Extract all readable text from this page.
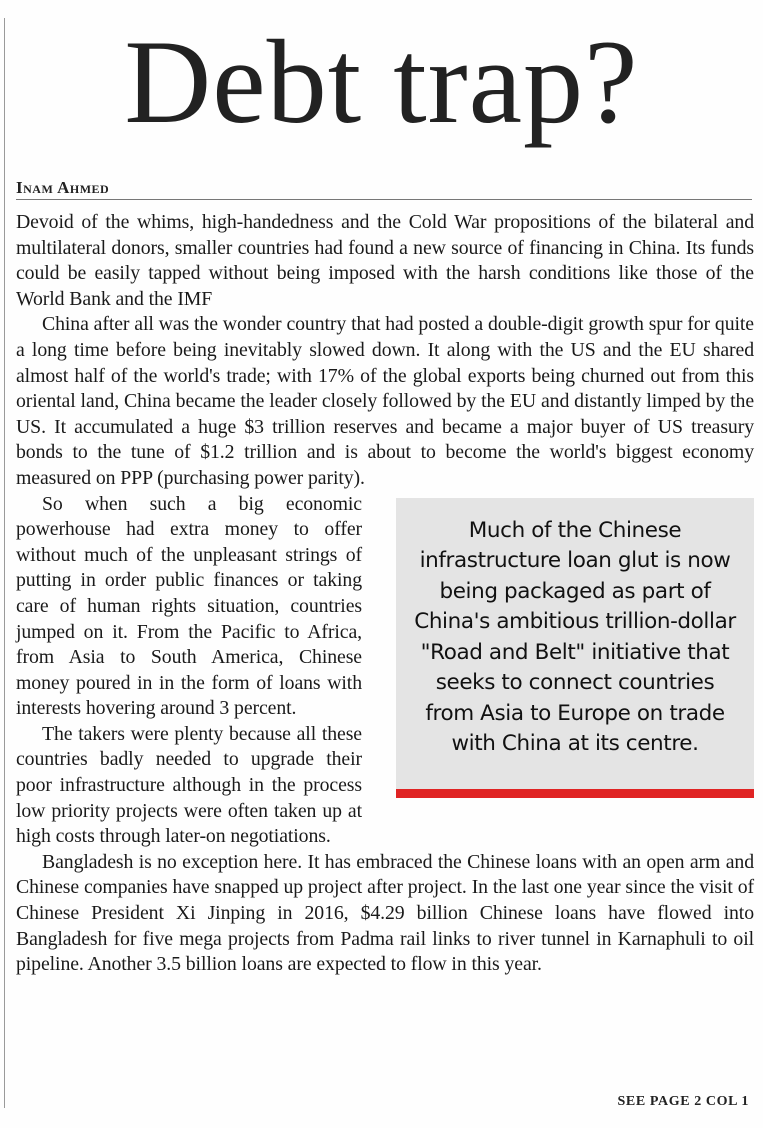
Debt trap?
Inam Ahmed

Devoid of the whims, high-handedness and the Cold War propositions of the bilateral and multilateral donors, smaller countries had found a new source of financing in China. Its funds could be easily tapped without being imposed with the harsh conditions like those of the World Bank and the IMF

China after all was the wonder country that had posted a double-digit growth spur for quite a long time before being inevitably slowed down. It along with the US and the EU shared almost half of the world's trade; with 17% of the global exports being churned out from this oriental land, China became the leader closely followed by the EU and distantly limped by the US. It accumulated a huge $3 trillion reserves and became a major buyer of US treasury bonds to the tune of $1.2 trillion and is about to become the world's biggest economy measured on PPP (purchasing power parity).

Much of the Chinese infrastructure loan glut is now being packaged as part of China's ambitious trillion-dollar "Road and Belt" initiative that seeks to connect countries from Asia to Europe on trade with China at its centre.

So when such a big economic powerhouse had extra money to offer without much of the unpleasant strings of putting in order public finances or taking care of human rights situation, countries jumped on it. From the Pacific to Africa, from Asia to South America, Chinese money poured in in the form of loans with interests hovering around 3 percent.

The takers were plenty because all these countries badly needed to upgrade their poor infrastructure although in the process low priority projects were often taken up at high costs through later-on negotiations.

Bangladesh is no exception here. It has embraced the Chinese loans with an open arm and Chinese companies have snapped up project after project. In the last one year since the visit of Chinese President Xi Jinping in 2016, $4.29 billion Chinese loans have flowed into Bangladesh for five mega projects from Padma rail links to river tunnel in Karnaphuli to oil pipeline. Another 3.5 billion loans are expected to flow in this year.

SEE PAGE 2 COL 1
